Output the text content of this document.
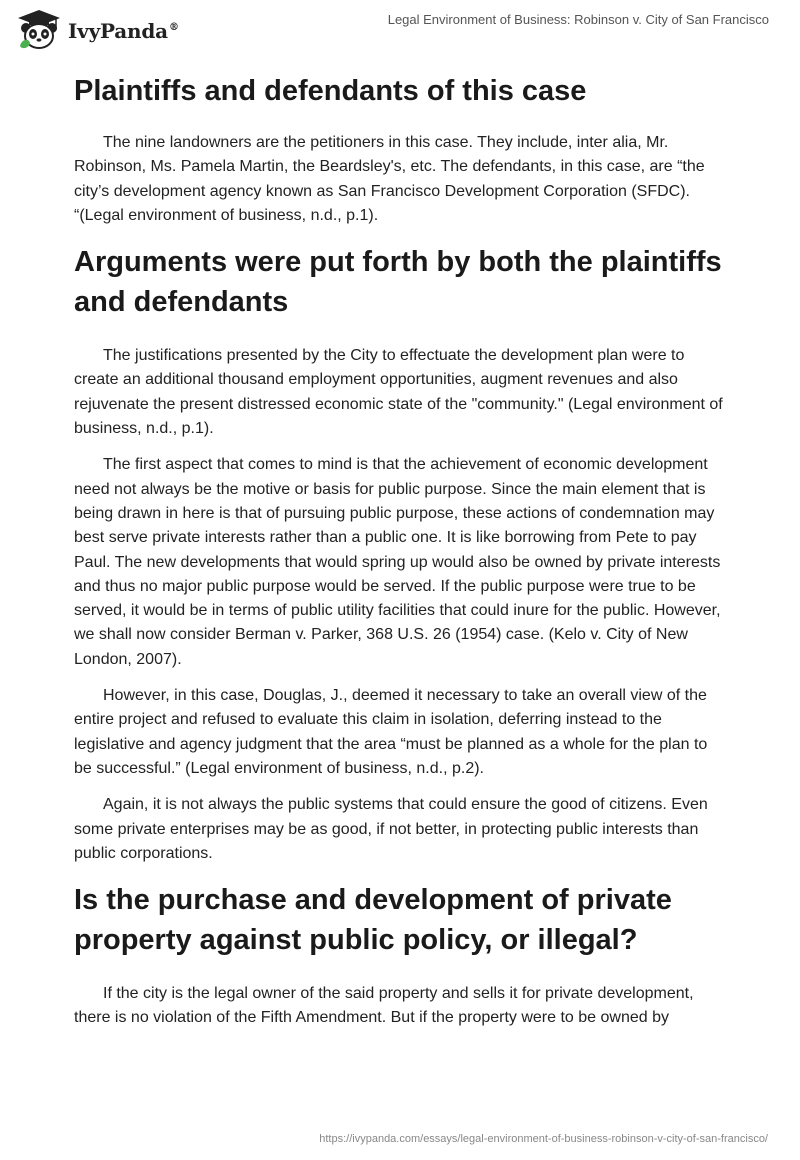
IvyPanda®
Legal Environment of Business: Robinson v. City of San Francisco
Plaintiffs and defendants of this case

The nine landowners are the petitioners in this case. They include, inter alia, Mr. Robinson, Ms. Pamela Martin, the Beardsley's, etc. The defendants, in this case, are “the city’s development agency known as San Francisco Development Corporation (SFDC). “(Legal environment of business, n.d., p.1).

Arguments were put forth by both the plaintiffs and defendants

The justifications presented by the City to effectuate the development plan were to create an additional thousand employment opportunities, augment revenues and also rejuvenate the present distressed economic state of the "community." (Legal environment of business, n.d., p.1).

The first aspect that comes to mind is that the achievement of economic development need not always be the motive or basis for public purpose. Since the main element that is being drawn in here is that of pursuing public purpose, these actions of condemnation may best serve private interests rather than a public one. It is like borrowing from Pete to pay Paul. The new developments that would spring up would also be owned by private interests and thus no major public purpose would be served. If the public purpose were true to be served, it would be in terms of public utility facilities that could inure for the public. However, we shall now consider Berman v. Parker, 368 U.S. 26 (1954) case. (Kelo v. City of New London, 2007).

However, in this case, Douglas, J., deemed it necessary to take an overall view of the entire project and refused to evaluate this claim in isolation, deferring instead to the legislative and agency judgment that the area “must be planned as a whole for the plan to be successful.” (Legal environment of business, n.d., p.2).

Again, it is not always the public systems that could ensure the good of citizens. Even some private enterprises may be as good, if not better, in protecting public interests than public corporations.

Is the purchase and development of private property against public policy, or illegal?

If the city is the legal owner of the said property and sells it for private development, there is no violation of the Fifth Amendment. But if the property were to be owned by

https://ivypanda.com/essays/legal-environment-of-business-robinson-v-city-of-san-francisco/
